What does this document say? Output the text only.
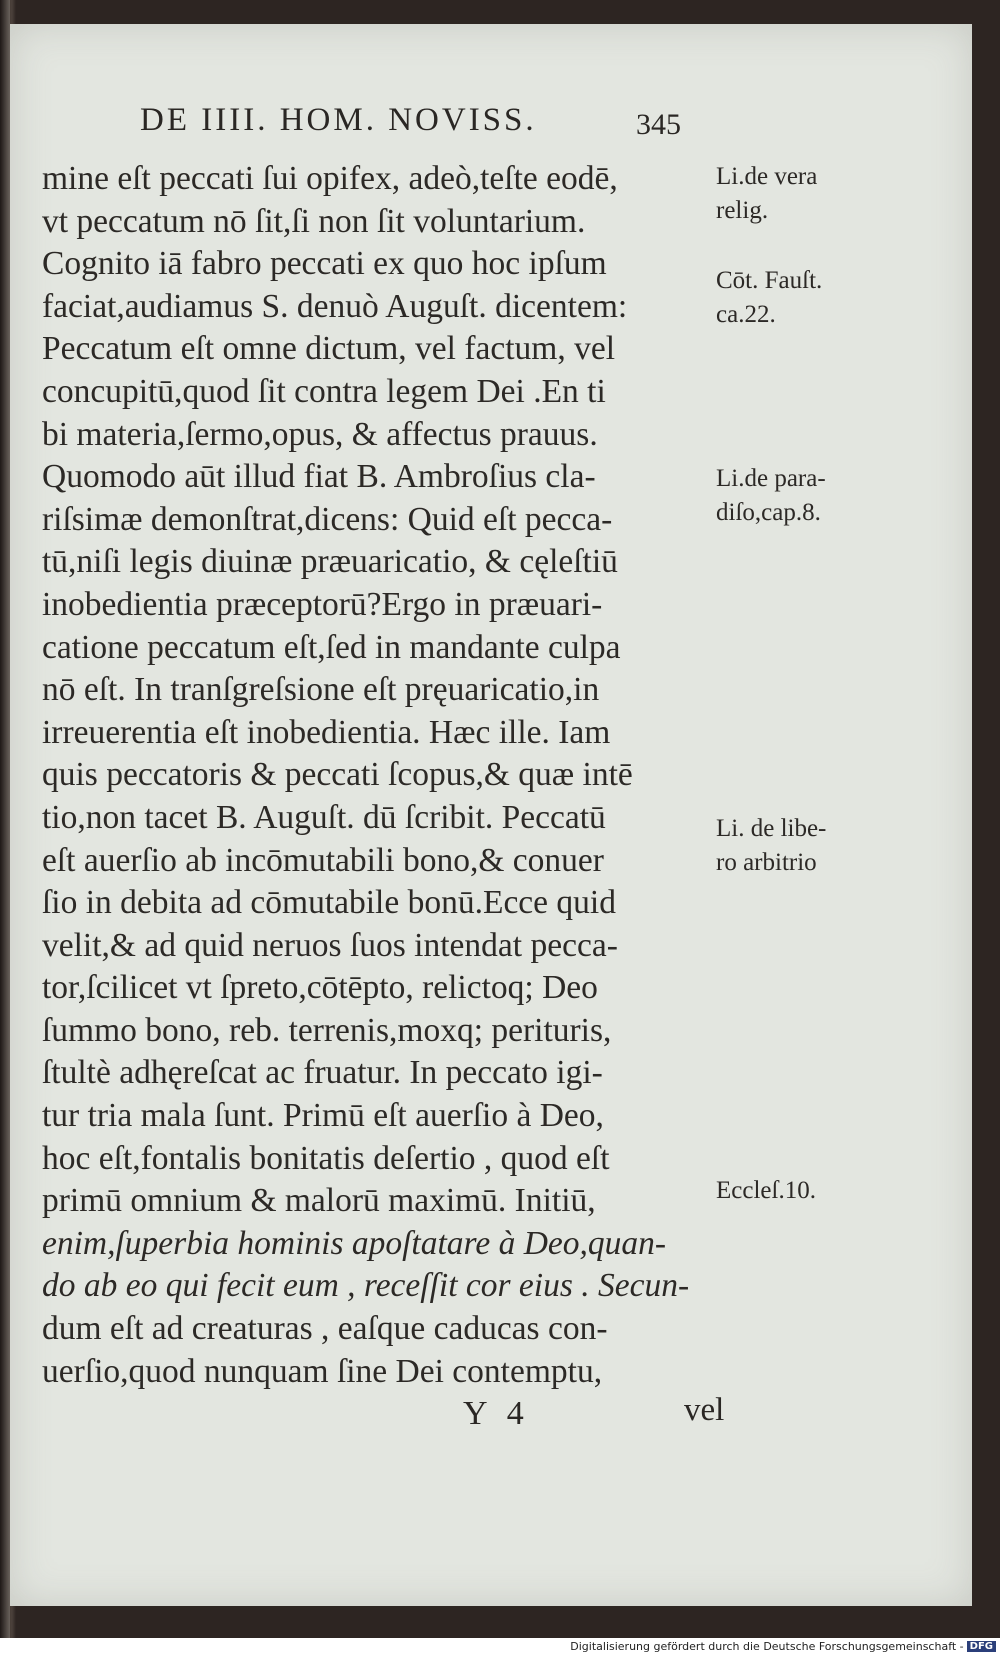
DE IIII. HOM. NOVISS.	345
mine eſt peccati ſui opifex, adeò,teſte eodē,
vt peccatum nō ſit,ſi non ſit voluntarium.
Cognito iā fabro peccati ex quo hoc ipſum
faciat,audiamus S. denuò Auguſt. dicentem:
Peccatum eſt omne dictum, vel factum, vel
concupitū,quod ſit contra legem Dei .En ti
bi materia,ſermo,opus, & affectus prauus.
Quomodo aūt illud fiat B. Ambroſius cla-
riſsimæ demonſtrat,dicens: Quid eſt pecca-
tū,niſi legis diuinæ præuaricatio, & cęleſtiū
inobedientia præceptorū?Ergo in præuari-
catione peccatum eſt,ſed in mandante culpa
nō eſt. In tranſgreſsione eſt pręuaricatio,in
irreuerentia eſt inobedientia. Hæc ille. Iam
quis peccatoris & peccati ſcopus,& quæ intē
tio,non tacet B. Auguſt. dū ſcribit. Peccatū
eſt auerſio ab incōmutabili bono,& conuer
ſio in debita ad cōmutabile bonū.Ecce quid
velit,& ad quid neruos ſuos intendat pecca-
tor,ſcilicet vt ſpreto,cōtēpto, relictoq; Deo
ſummo bono, reb. terrenis,moxq; perituris,
ſtultè adhęreſcat ac fruatur. In peccato igi-
tur tria mala ſunt. Primū eſt auerſio à Deo,
hoc eſt,fontalis bonitatis deſertio , quod eſt
primū omnium & malorū maximū. Initiū,
enim,ſuperbia hominis apoſtatare à Deo,quan-
do ab eo qui fecit eum , receſſit cor eius . Secun-
dum eſt ad creaturas , eaſque caducas con-
uerſio,quod nunquam ſine Dei contemptu,
Li.de vera
relig.
Cōt. Fauſt.
ca.22.
Li.de para-
diſo,cap.8.
Li. de libe-
ro arbitrio
Eccleſ.10.
Y 4	vel
Digitalisierung gefördert durch die Deutsche Forschungsgemeinschaft - DFG
